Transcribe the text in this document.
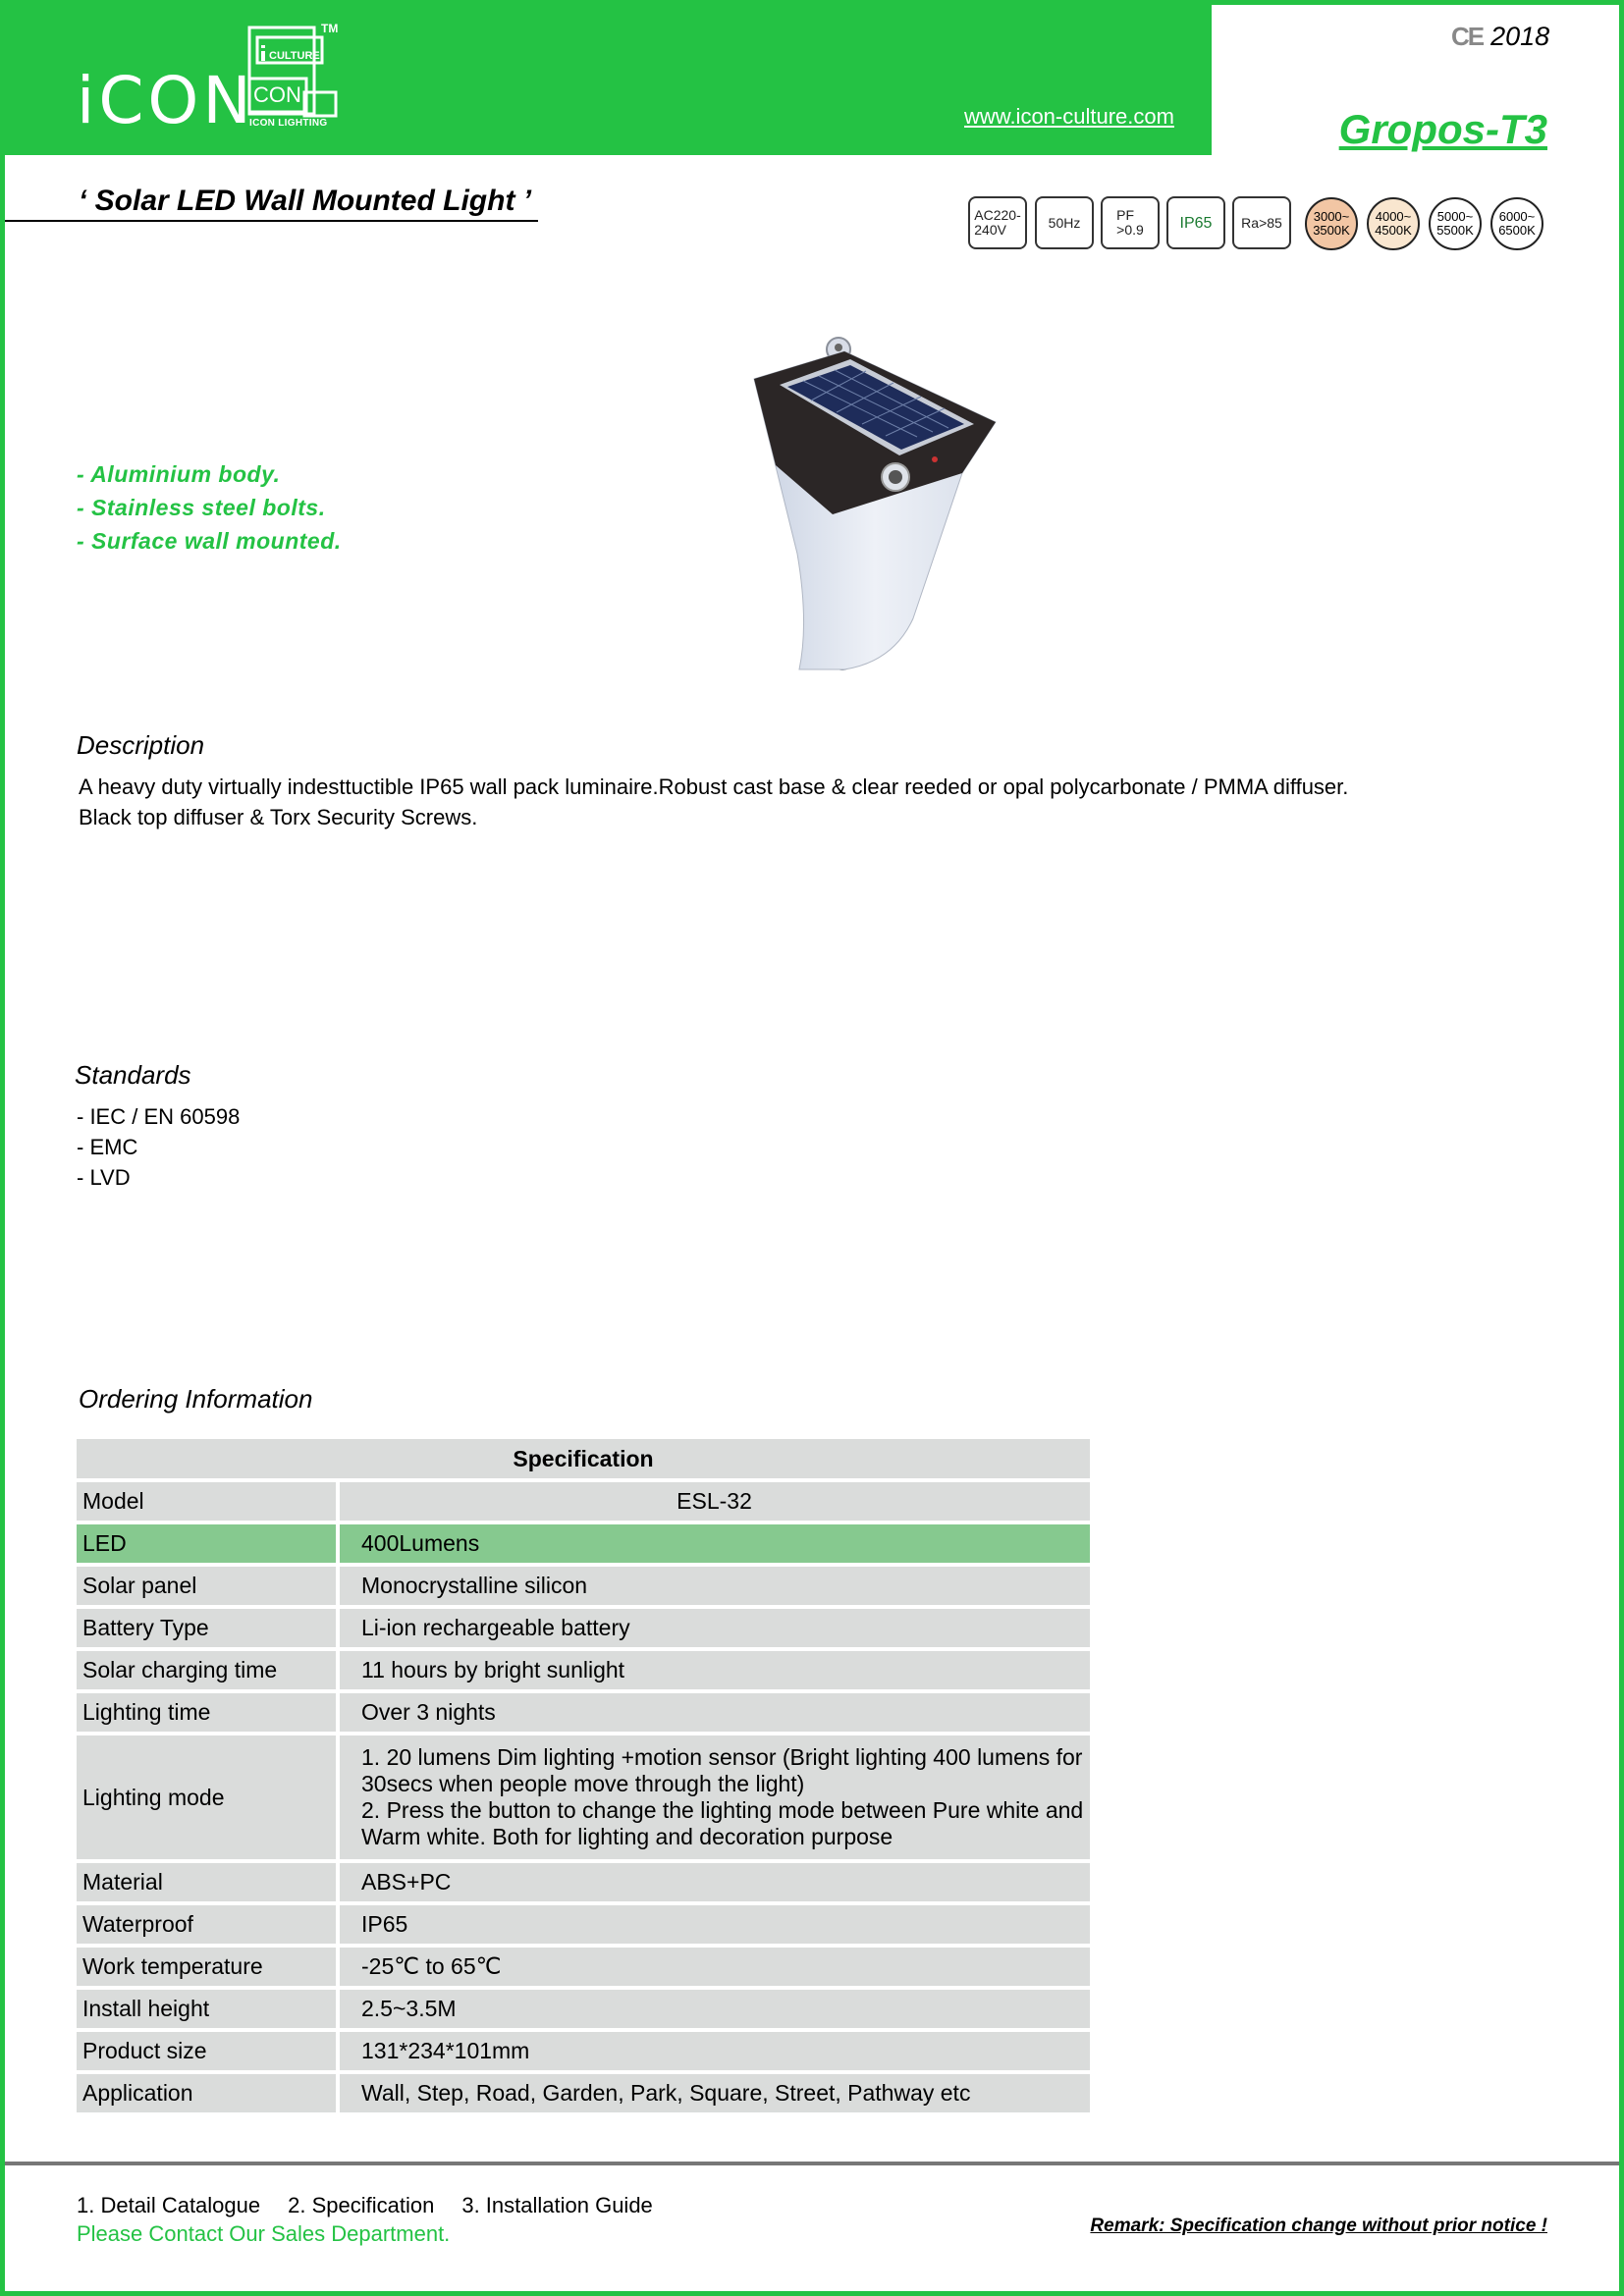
iCON
CULTURE
CON
TM
ICON LIGHTING	www.icon-culture.com
CE 2018
Gropos-T3
‘ Solar LED Wall Mounted Light ’	AC220-
240V	50Hz	PF
>0.9 IP65 Ra>85 3000~
3500K
4000~
4500K
5000~
5500K
6000~
6500K
- Aluminium body.
- Stainless steel bolts.
- Surface wall mounted.
Description
A heavy duty virtually indesttuctible IP65 wall pack luminaire.Robust cast base & clear reeded or opal polycarbonate / PMMA diffuser.
Black top diffuser & Torx Security Screws.
Standards
- IEC / EN 60598
- EMC
- LVD
Ordering Information
Specification	
Model	ESL-32
LED	400Lumens
Solar panel	Monocrystalline silicon
Battery Type	Li-ion rechargeable battery
Solar charging time	11 hours by bright sunlight
Lighting time	Over 3 nights
Lighting mode	1. 20 lumens Dim lighting +motion sensor (Bright lighting 400 lumens for 30secs when people move through the light)
2. Press the button to change the lighting mode between Pure white and Warm white. Both for lighting and decoration purpose

Material	ABS+PC
Waterproof	IP65
Work temperature	-25℃ to 65℃
Install height	2.5~3.5M
Product size	131*234*101mm
Application	Wall, Step, Road, Garden, Park, Square, Street, Pathway etc
1. Detail Catalogue 2. Specification 3. Installation Guide
Please Contact Our Sales Department.	Remark: Specification change without prior notice !
